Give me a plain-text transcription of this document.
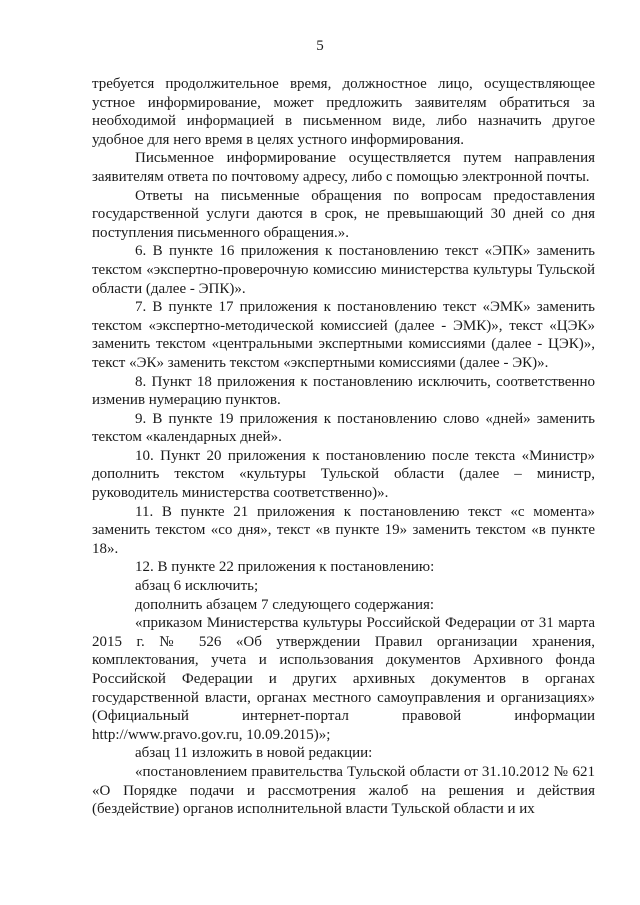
5

требуется продолжительное время, должностное лицо, осуществляющее устное информирование, может предложить заявителям обратиться за необходимой информацией в письменном виде, либо назначить другое удобное для него время в целях устного информирования.

Письменное информирование осуществляется путем направления заявителям ответа по почтовому адресу, либо с помощью электронной почты.

Ответы на письменные обращения по вопросам предоставления государственной услуги даются в срок, не превышающий 30 дней со дня поступления письменного обращения.».

6. В пункте 16 приложения к постановлению текст «ЭПК» заменить текстом «экспертно-проверочную комиссию министерства культуры Тульской области (далее - ЭПК)».

7. В пункте 17 приложения к постановлению текст «ЭМК» заменить текстом «экспертно-методической комиссией (далее - ЭМК)», текст «ЦЭК» заменить текстом «центральными экспертными комиссиями (далее - ЦЭК)», текст «ЭК» заменить текстом «экспертными комиссиями (далее - ЭК)».

8. Пункт 18 приложения к постановлению исключить, соответственно изменив нумерацию пунктов.

9. В пункте 19 приложения к постановлению слово «дней» заменить текстом «календарных дней».

10. Пункт 20 приложения к постановлению после текста «Министр» дополнить текстом «культуры Тульской области (далее – министр, руководитель министерства соответственно)».

11. В пункте 21 приложения к постановлению текст «с момента» заменить текстом «со дня», текст «в пункте 19» заменить текстом «в пункте 18».

12. В пункте 22 приложения к постановлению:

абзац 6 исключить;

дополнить абзацем 7 следующего содержания:

«приказом Министерства культуры Российской Федерации от 31 марта 2015 г. № 526 «Об утверждении Правил организации хранения, комплектования, учета и использования документов Архивного фонда Российской Федерации и других архивных документов в органах государственной власти, органах местного самоуправления и организациях» (Официальный интернет-портал правовой информации http://www.pravo.gov.ru, 10.09.2015)»;

абзац 11 изложить в новой редакции:

«постановлением правительства Тульской области от 31.10.2012 № 621 «О Порядке подачи и рассмотрения жалоб на решения и действия (бездействие) органов исполнительной власти Тульской области и их
